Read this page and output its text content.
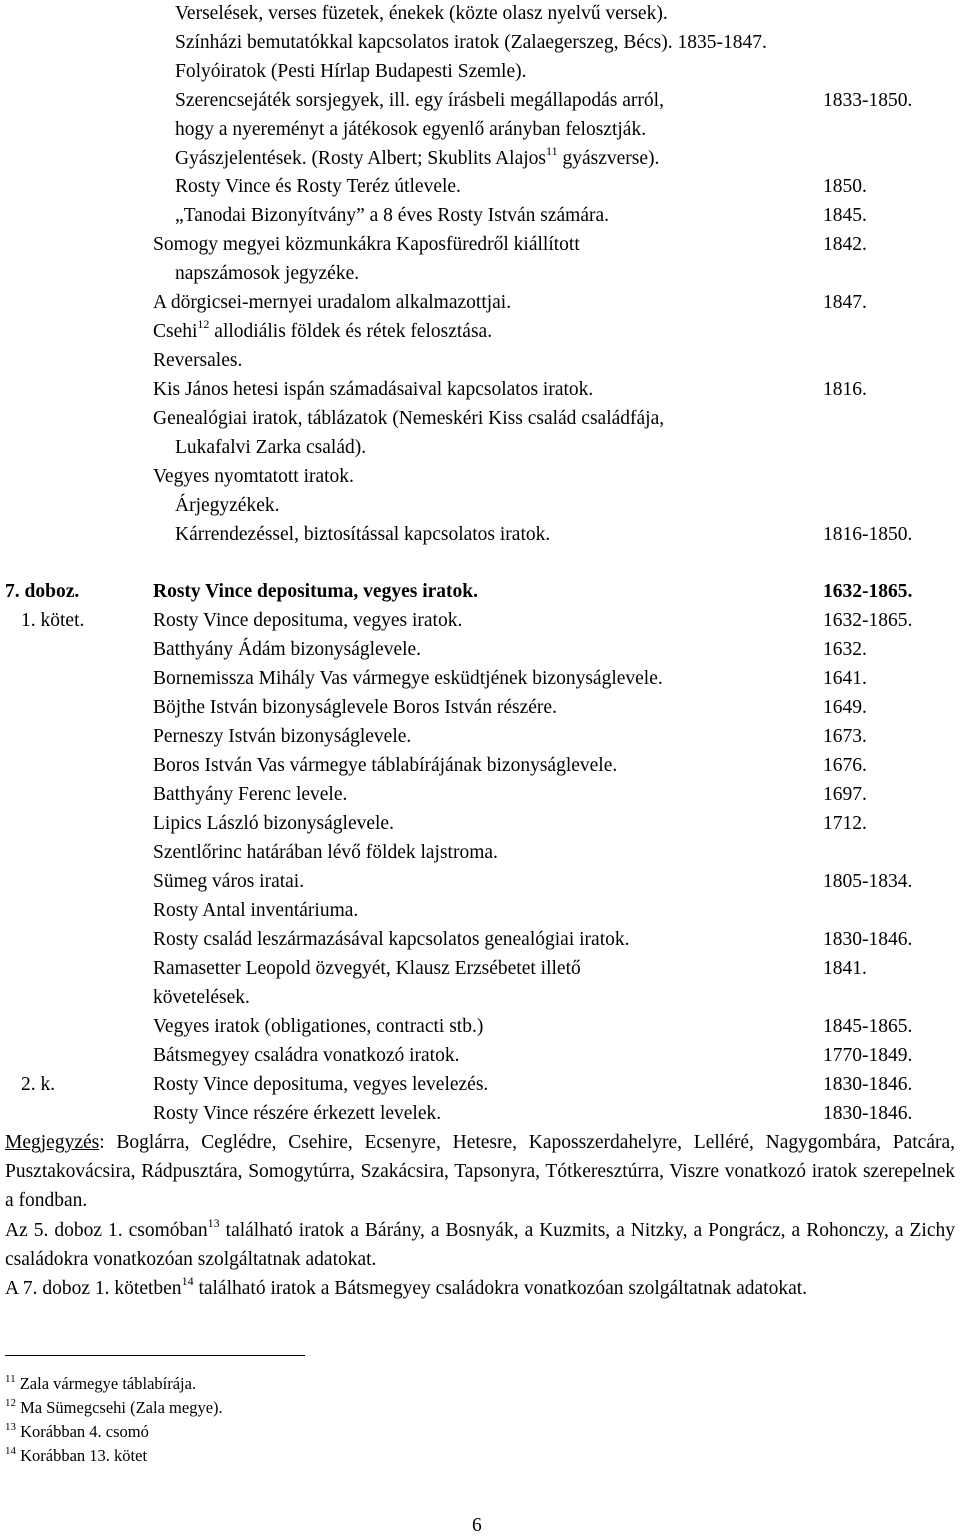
Verselések, verses füzetek, énekek (közte olasz nyelvű versek).
Színházi bemutatókkal kapcsolatos iratok (Zalaegerszeg, Bécs). 1835-1847.
Folyóiratok (Pesti Hírlap Budapesti Szemle).
Szerencsejáték sorsjegyek, ill. egy írásbeli megállapodás arról,	1833-1850.
hogy a nyereményt a játékosok egyenlő arányban felosztják.
Gyászjelentések. (Rosty Albert; Skublits Alajos$^{11}$ gyászverse).
Rosty Vince és Rosty Teréz útlevele.	1850.
„Tanodai Bizonyítvány” a 8 éves Rosty István számára.	1845.
Somogy megyei közmunkákra Kaposfüredről kiállított	1842.
napszámosok jegyzéke.
A dörgicsei-mernyei uradalom alkalmazottjai.	1847.
Csehi$^{12}$ allodiális földek és rétek felosztása.
Reversales.
Kis János hetesi ispán számadásaival kapcsolatos iratok.	1816.
Genealógiai iratok, táblázatok (Nemeskéri Kiss család családfája,
Lukafalvi Zarka család).
Vegyes nyomtatott iratok.
Árjegyzékek.
Kárrendezéssel, biztosítással kapcsolatos iratok.	1816-1850.
7. doboz.	Rosty Vince deposituma, vegyes iratok.	1632-1865.
1. kötet.	Rosty Vince deposituma, vegyes iratok.	1632-1865.
Batthyány Ádám bizonyságlevele.	1632.
Bornemissza Mihály Vas vármegye esküdtjének bizonyságlevele.	1641.
Böjthe István bizonyságlevele Boros István részére.	1649.
Perneszy István bizonyságlevele.	1673.
Boros István Vas vármegye táblabírájának bizonyságlevele.	1676.
Batthyány Ferenc levele.	1697.
Lipics László bizonyságlevele.	1712.
Szentlőrinc határában lévő földek lajstroma.
Sümeg város iratai.	1805-1834.
Rosty Antal inventáriuma.
Rosty család leszármazásával kapcsolatos genealógiai iratok.	1830-1846.
Ramasetter Leopold özvegyét, Klausz Erzsébetet illető	1841.
követelések.
Vegyes iratok (obligationes, contracti stb.)	1845-1865.
Bátsmegyey családra vonatkozó iratok.	1770-1849.
2. k.	Rosty Vince deposituma, vegyes levelezés.	1830-1846.
Rosty Vince részére érkezett levelek.	1830-1846.
Megjegyzés: Boglárra, Ceglédre, Csehire, Ecsenyre, Hetesre, Kaposszerdahelyre, Lelléré, Nagygombára, Patcára, Pusztakovácsira, Rádpusztára, Somogytúrra, Szakácsira, Tapsonyra, Tótkeresztúrra, Viszre vonatkozó iratok szerepelnek a fondban.
Az 5. doboz 1. csomóban$^{13}$ található iratok a Bárány, a Bosnyák, a Kuzmits, a Nitzky, a Pongrácz, a Rohonczy, a Zichy családokra vonatkozóan szolgáltatnak adatokat.
A 7. doboz 1. kötetben$^{14}$ található iratok a Bátsmegyey családokra vonatkozóan szolgáltatnak adatokat.
$^{11}$ Zala vármegye táblabírája.
$^{12}$ Ma Sümegcsehi (Zala megye).
$^{13}$ Korábban 4. csomó
$^{14}$ Korábban 13. kötet
6
